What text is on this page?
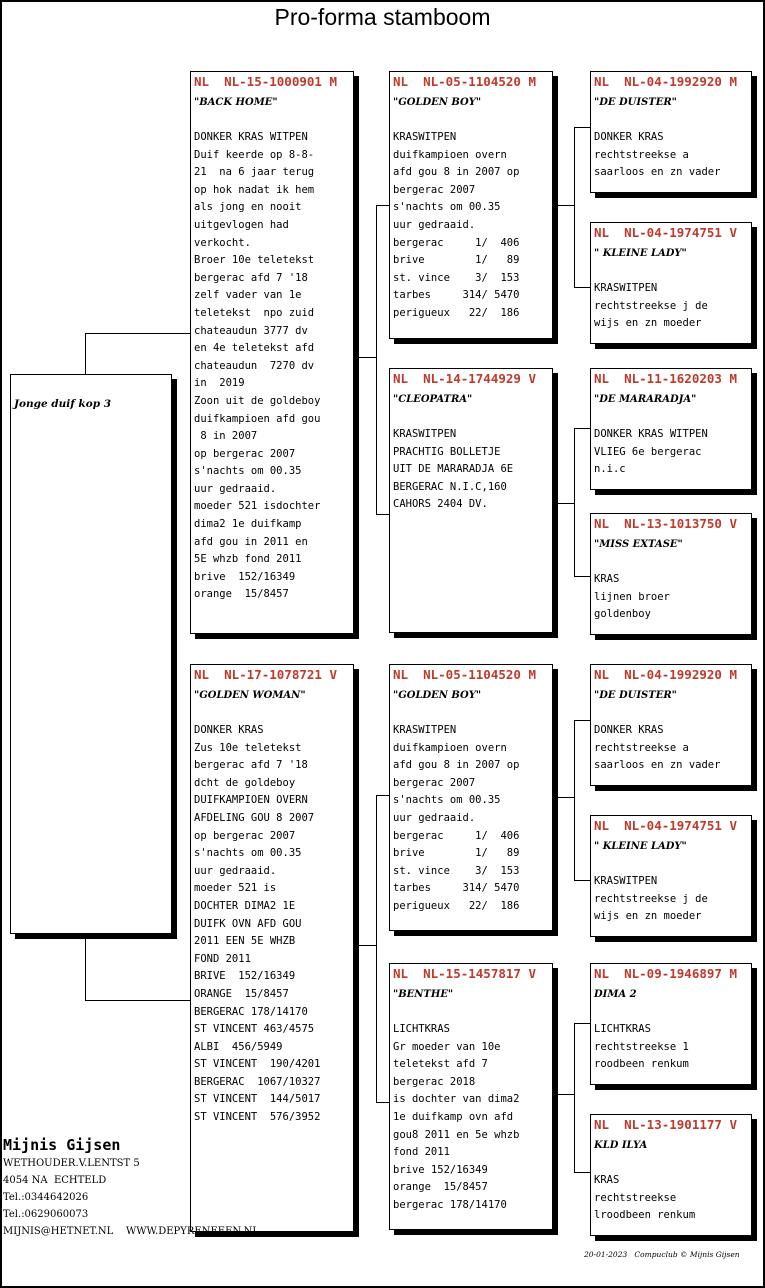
Pro-forma stamboom
Jonge duif kop 3
NL  NL-15-1000901 M
"BACK HOME"
DONKER KRAS WITPEN
Duif keerde op 8-8-
21  na 6 jaar terug
op hok nadat ik hem
als jong en nooit
uitgevlogen had
verkocht.
Broer 10e teletekst
bergerac afd 7 '18
zelf vader van 1e
teletekst  npo zuid
chateaudun 3777 dv
en 4e teletekst afd
chateaudun  7270 dv
in  2019
Zoon uit de goldeboy
duifkampioen afd gou
8 in 2007
op bergerac 2007
s'nachts om 00.35
uur gedraaid.
moeder 521 isdochter
dima2 1e duifkamp
afd gou in 2011 en
5E whzb fond 2011
brive  152/16349
orange  15/8457
NL  NL-17-1078721 V
"GOLDEN WOMAN"
DONKER KRAS
Zus 10e teletekst
bergerac afd 7 '18
dcht de goldeboy
DUIFKAMPIOEN OVERN
AFDELING GOU 8 2007
op bergerac 2007
s'nachts om 00.35
uur gedraaid.
moeder 521 is
DOCHTER DIMA2 1E
DUIFK OVN AFD GOU
2011 EEN 5E WHZB
FOND 2011
BRIVE  152/16349
ORANGE  15/8457
BERGERAC 178/14170
ST VINCENT 463/4575
ALBI  456/5949
ST VINCENT  190/4201
BERGERAC  1067/10327
ST VINCENT  144/5017
ST VINCENT  576/3952
NL  NL-05-1104520 M
"GOLDEN BOY"
KRASWITPEN
duifkampioen overn
afd gou 8 in 2007 op
bergerac 2007
s'nachts om 00.35
uur gedraaid.
bergerac     1/  406
brive        1/   89
st. vince    3/  153
tarbes     314/ 5470
perigueux   22/  186
NL  NL-14-1744929 V
"CLEOPATRA"
KRASWITPEN
PRACHTIG BOLLETJE
UIT DE MARARADJA 6E
BERGERAC N.I.C,160
CAHORS 2404 DV.
NL  NL-05-1104520 M
"GOLDEN BOY"
KRASWITPEN
duifkampioen overn
afd gou 8 in 2007 op
bergerac 2007
s'nachts om 00.35
uur gedraaid.
bergerac     1/  406
brive        1/   89
st. vince    3/  153
tarbes     314/ 5470
perigueux   22/  186
NL  NL-15-1457817 V
"BENTHE"
LICHTKRAS
Gr moeder van 10e
teletekst afd 7
bergerac 2018
is dochter van dima2
1e duifkamp ovn afd
gou8 2011 en 5e whzb
fond 2011
brive 152/16349
orange  15/8457
bergerac 178/14170
NL  NL-04-1992920 M
"DE DUISTER"
DONKER KRAS
rechtstreekse a
saarloos en zn vader
NL  NL-04-1974751 V
" KLEINE LADY"
KRASWITPEN
rechtstreekse j de
wijs en zn moeder
NL  NL-11-1620203 M
"DE MARARADJA"
DONKER KRAS WITPEN
VLIEG 6e bergerac
n.i.c
NL  NL-13-1013750 V
"MISS EXTASE"
KRAS
lijnen broer
goldenboy
NL  NL-04-1992920 M
"DE DUISTER"
DONKER KRAS
rechtstreekse a
saarloos en zn vader
NL  NL-04-1974751 V
" KLEINE LADY"
KRASWITPEN
rechtstreekse j de
wijs en zn moeder
NL  NL-09-1946897 M
DIMA 2
LICHTKRAS
rechtstreekse 1
roodbeen renkum
NL  NL-13-1901177 V
KLD ILYA
KRAS
rechtstreekse
lroodbeen renkum
Mijnis Gijsen
WETHOUDER.V.LENTST 5
4054 NA  ECHTELD
Tel.:0344642026
Tel.:0629060073
MIJNIS@HETNET.NL    WWW.DEPYRENEEEN.NL
20-01-2023   Compuclub © Mijnis Gijsen
